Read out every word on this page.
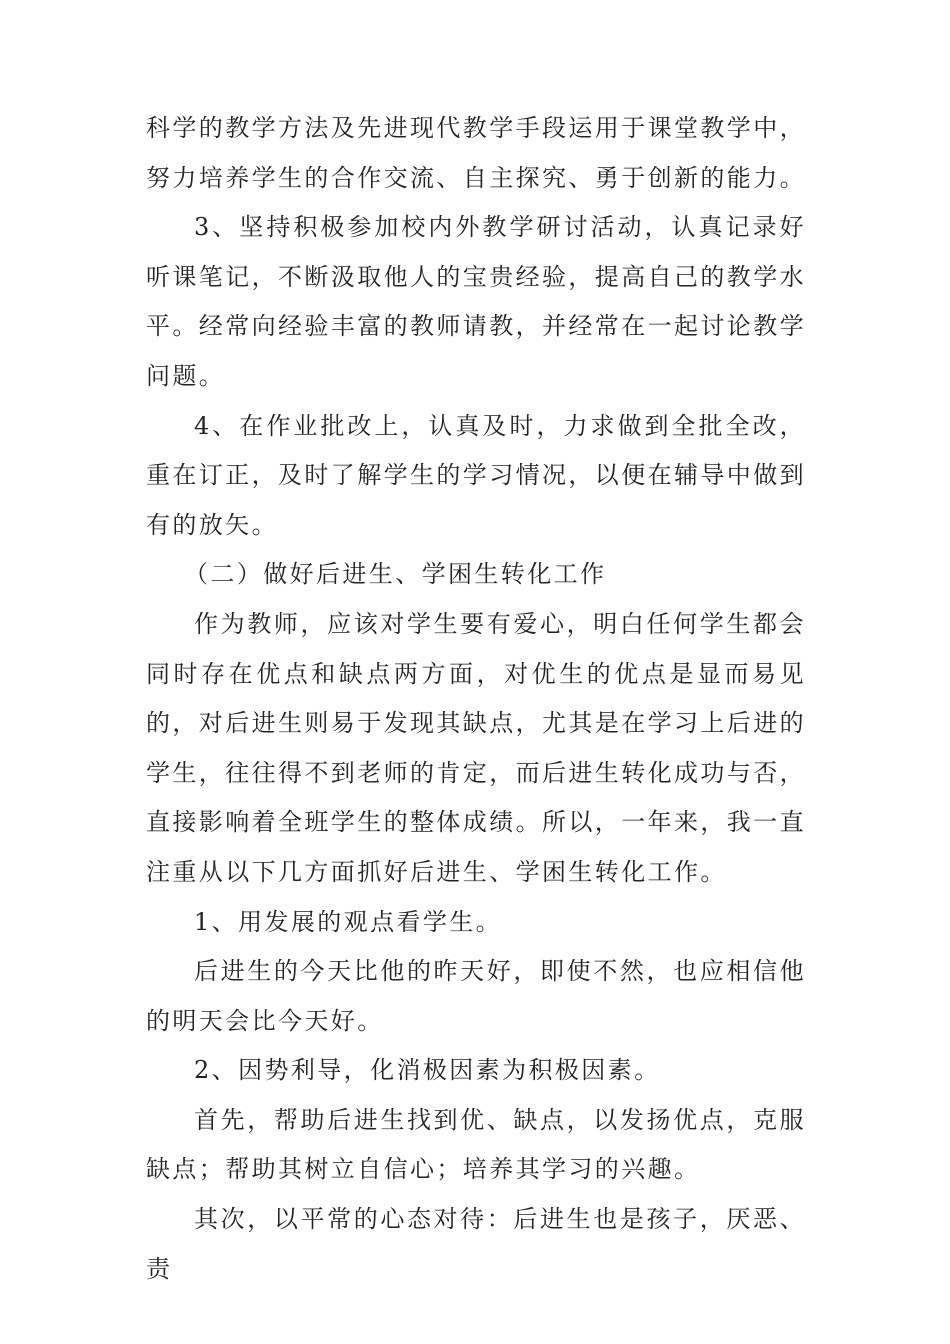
科学的教学方法及先进现代教学手段运用于课堂教学中，努力培养学生的合作交流、自主探究、勇于创新的能力。

3、坚持积极参加校内外教学研讨活动，认真记录好听课笔记，不断汲取他人的宝贵经验，提高自己的教学水平。经常向经验丰富的教师请教，并经常在一起讨论教学问题。

4、在作业批改上，认真及时，力求做到全批全改，重在订正，及时了解学生的学习情况，以便在辅导中做到有的放矢。

（二）做好后进生、学困生转化工作

作为教师，应该对学生要有爱心，明白任何学生都会同时存在优点和缺点两方面，对优生的优点是显而易见的，对后进生则易于发现其缺点，尤其是在学习上后进的学生，往往得不到老师的肯定，而后进生转化成功与否，直接影响着全班学生的整体成绩。所以，一年来，我一直注重从以下几方面抓好后进生、学困生转化工作。

1、用发展的观点看学生。

后进生的今天比他的昨天好，即使不然，也应相信他的明天会比今天好。

2、因势利导，化消极因素为积极因素。

首先，帮助后进生找到优、缺点，以发扬优点，克服缺点；帮助其树立自信心；培养其学习的兴趣。

其次，以平常的心态对待：后进生也是孩子，厌恶、责
